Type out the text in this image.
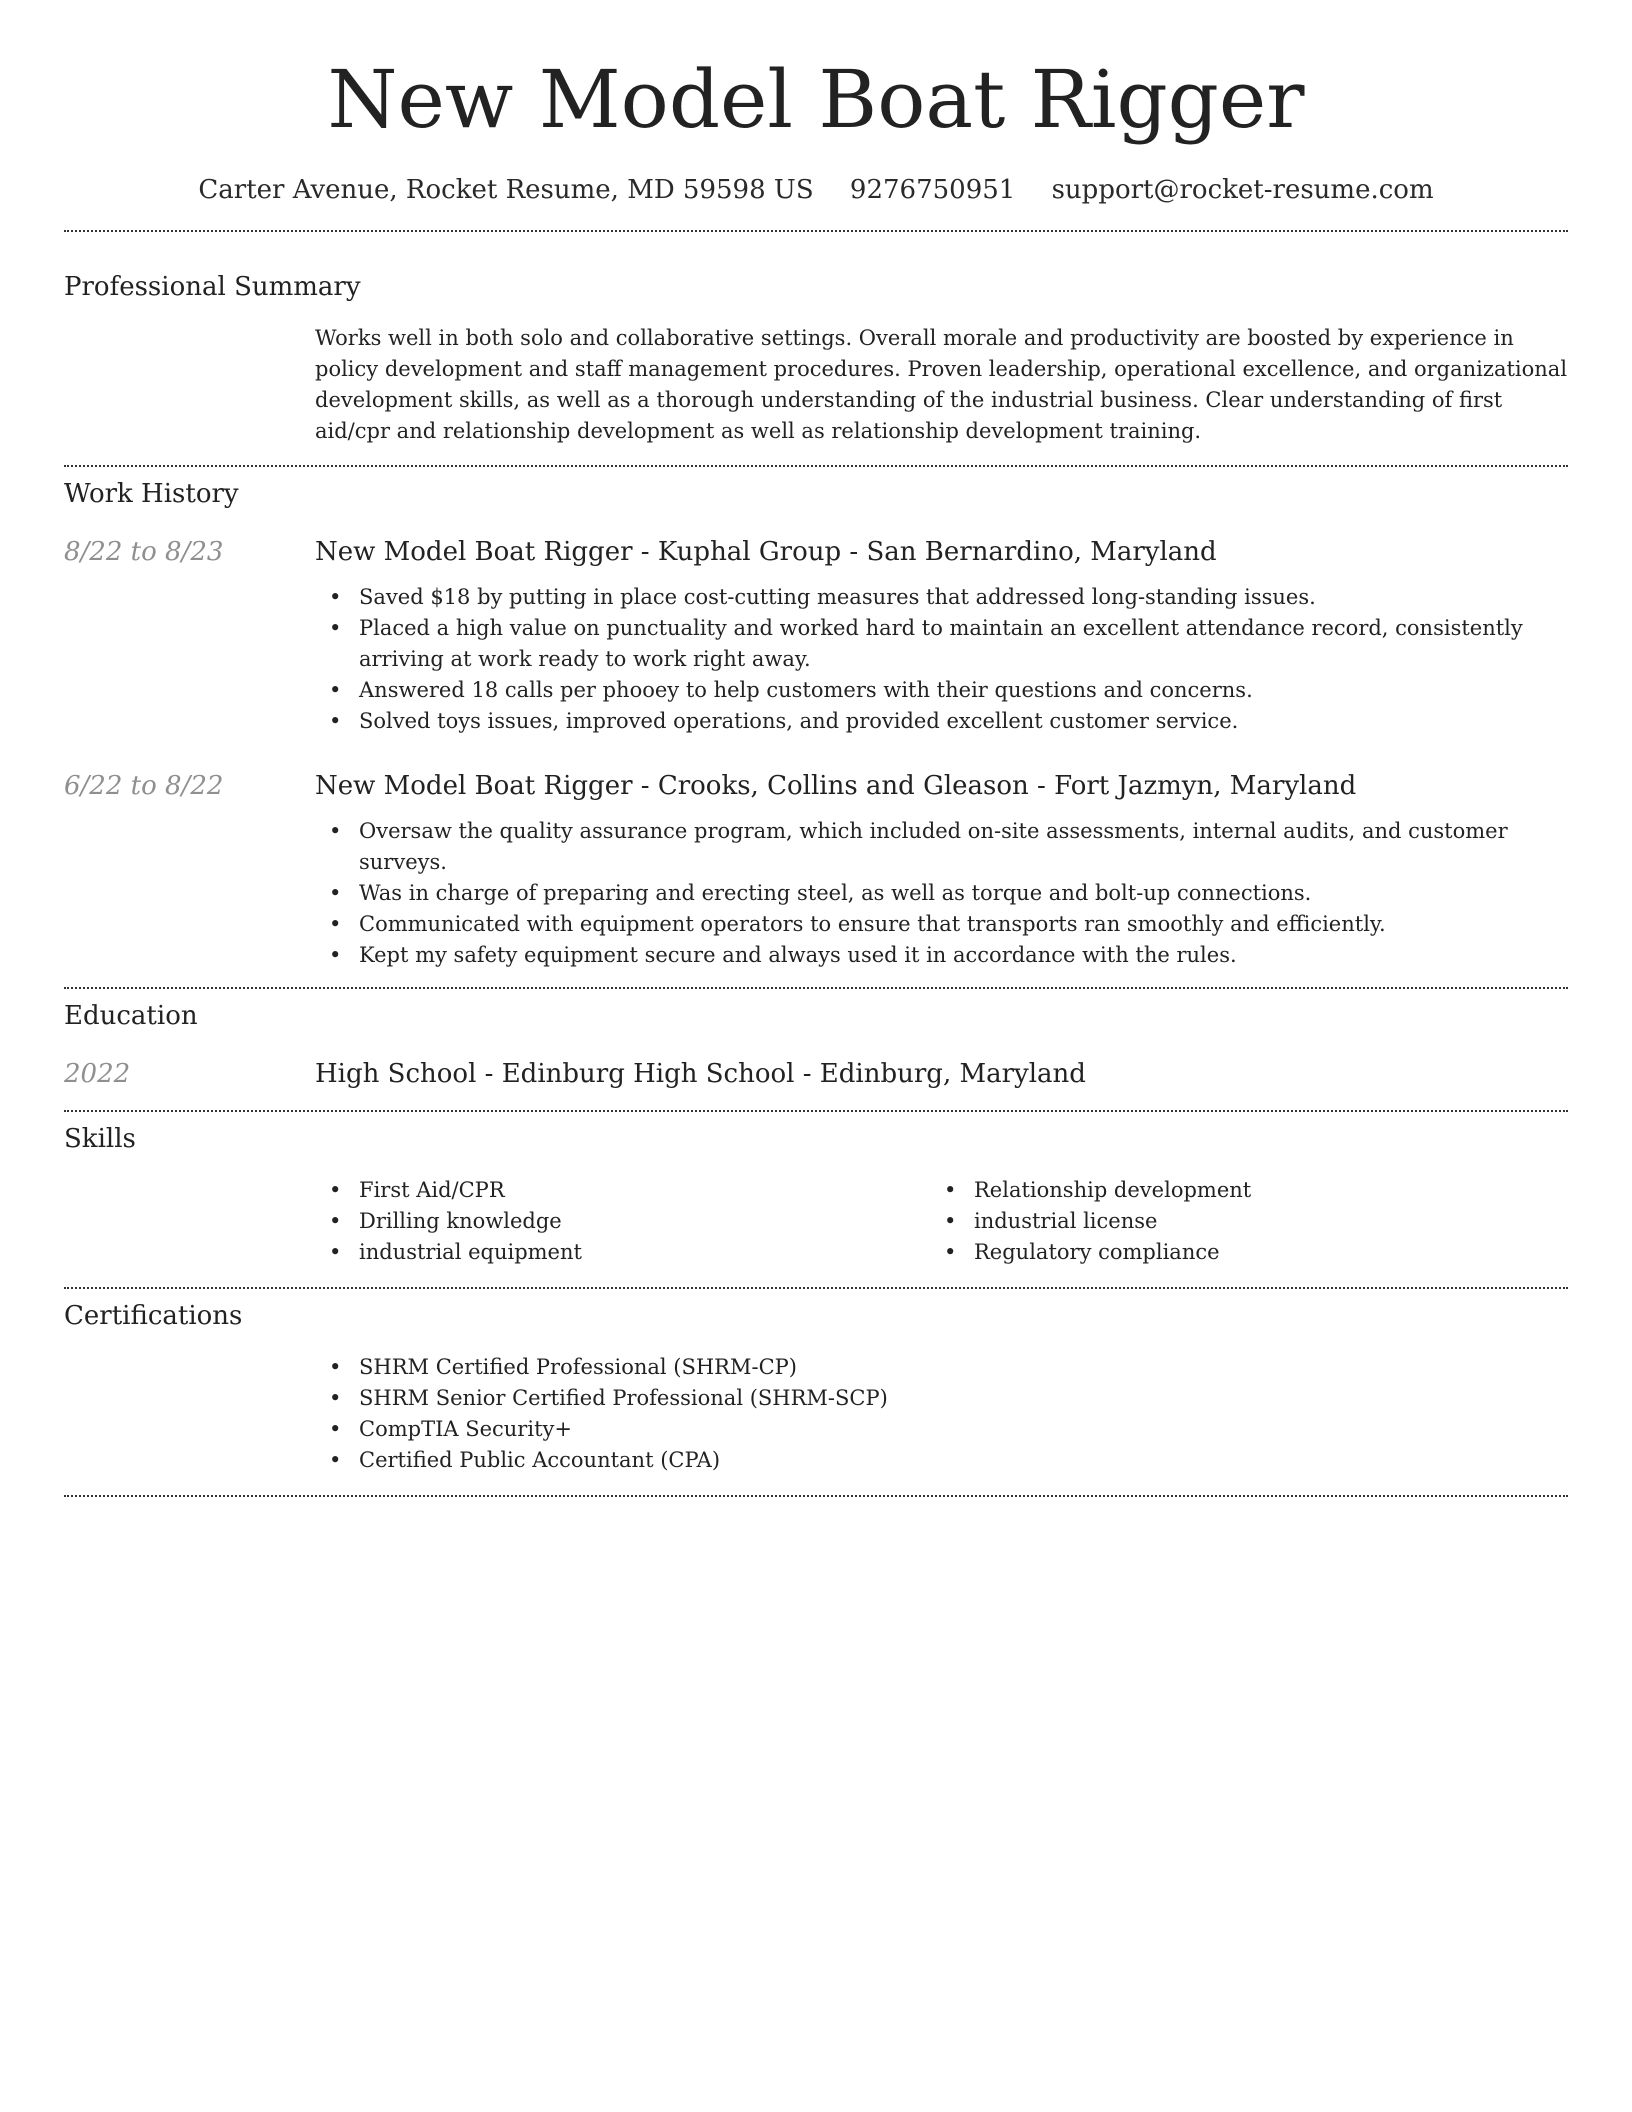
New Model Boat Rigger
Carter Avenue, Rocket Resume, MD 59598 US 9276750951 support@rocket-resume.com
Professional Summary

Works well in both solo and collaborative settings. Overall morale and productivity are boosted by experience in policy development and staff management procedures. Proven leadership, operational excellence, and organizational development skills, as well as a thorough understanding of the industrial business. Clear understanding of first aid/cpr and relationship development as well as relationship development training.

Work History
8/22 to 8/23	New Model Boat Rigger - Kuphal Group - San Bernardino, Maryland
• Saved $18 by putting in place cost-cutting measures that addressed long-standing issues.
• Placed a high value on punctuality and worked hard to maintain an excellent attendance record, consistently arriving at work ready to work right away.
• Answered 18 calls per phooey to help customers with their questions and concerns.
• Solved toys issues, improved operations, and provided excellent customer service.
6/22 to 8/22	New Model Boat Rigger - Crooks, Collins and Gleason - Fort Jazmyn, Maryland
• Oversaw the quality assurance program, which included on-site assessments, internal audits, and customer surveys.
• Was in charge of preparing and erecting steel, as well as torque and bolt-up connections.
• Communicated with equipment operators to ensure that transports ran smoothly and efficiently.
• Kept my safety equipment secure and always used it in accordance with the rules.
Education
2022	High School - Edinburg High School - Edinburg, Maryland
Skills
• First Aid/CPR
• Drilling knowledge
• industrial equipment
• Relationship development
• industrial license
• Regulatory compliance
Certifications
• SHRM Certified Professional (SHRM-CP)
• SHRM Senior Certified Professional (SHRM-SCP)
• CompTIA Security+
• Certified Public Accountant (CPA)
